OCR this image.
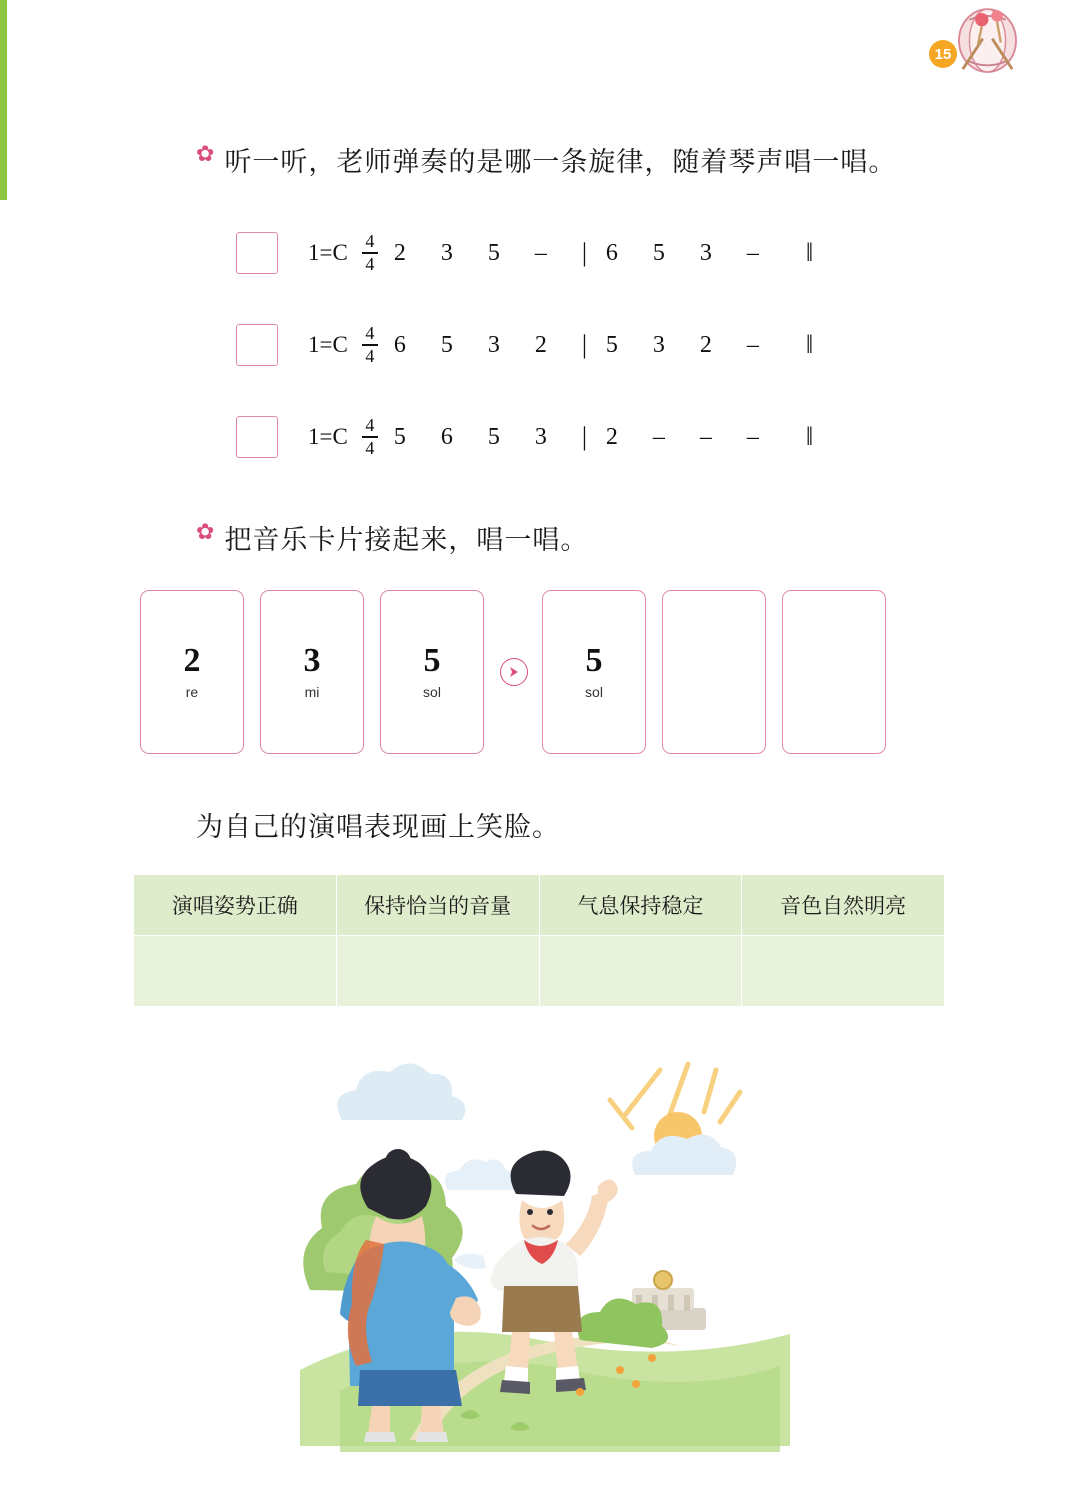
15
✿ 听一听，老师弹奏的是哪一条旋律，随着琴声唱一唱。
1=C 4
4 2	3	5	–	| 6	5	3	–	‖
1=C 4
4 6	5	3	2	| 5	3	2	–	‖
1=C 4
4 5	6	5	3	| 2	–	–	–	‖
✿ 把音乐卡片接起来，唱一唱。
2
re
3
mi
5
sol
5
sol
为自己的演唱表现画上笑脸。
演唱姿势正确	保持恰当的音量	气息保持稳定	音色自然明亮
